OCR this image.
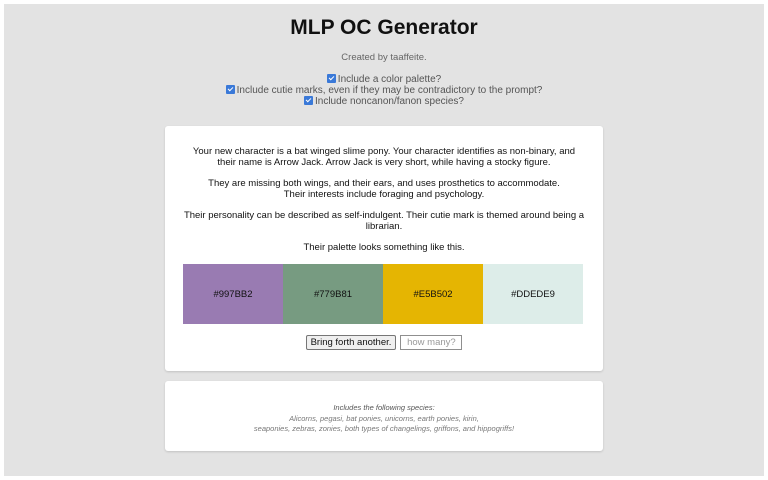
MLP OC Generator
Created by taaffeite.
Include a color palette?
Include cutie marks, even if they may be contradictory to the prompt?
Include noncanon/fanon species?
Your new character is a bat winged slime pony. Your character identifies as non-binary, and their name is Arrow Jack. Arrow Jack is very short, while having a stocky figure.
They are missing both wings, and their ears, and uses prosthetics to accommodate.
Their interests include foraging and psychology.
Their personality can be described as self-indulgent. Their cutie mark is themed around being a librarian.
Their palette looks something like this.
#997BB2	#779B81	#E5B502	#DDEDE9
Bring forth another. how many?
Includes the following species:
Alicorns, pegasi, bat ponies, unicorns, earth ponies, kirin,
seaponies, zebras, zonies, both types of changelings, griffons, and hippogriffs!
